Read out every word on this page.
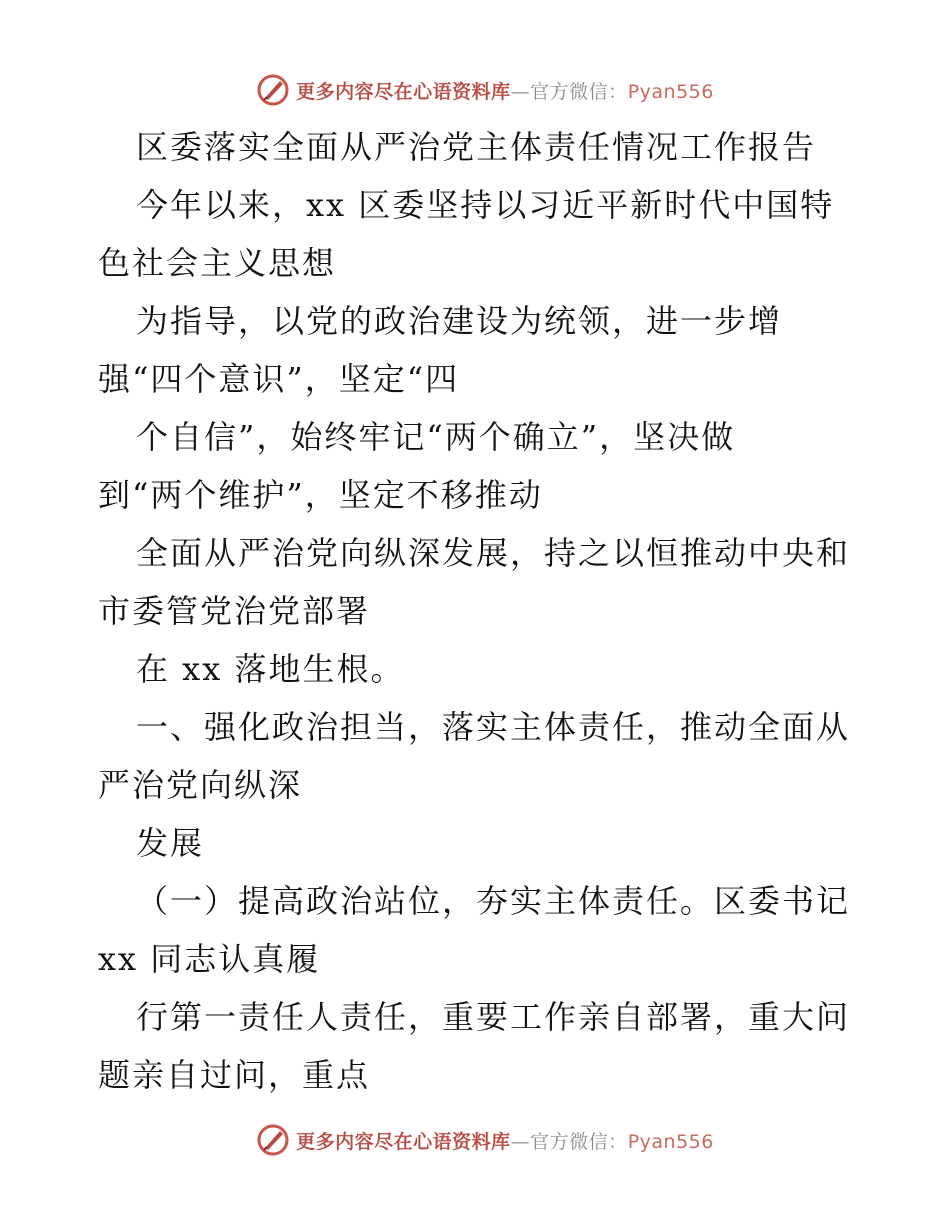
更多内容尽在心语资料库—官方微信：Pyan556
区委落实全面从严治党主体责任情况工作报告
今年以来，xx 区委坚持以习近平新时代中国特
色社会主义思想
为指导，以党的政治建设为统领，进一步增
强“四个意识”，坚定“四
个自信”，始终牢记“两个确立”，坚决做
到“两个维护”，坚定不移推动
全面从严治党向纵深发展，持之以恒推动中央和
市委管党治党部署
在 xx 落地生根。
一、强化政治担当，落实主体责任，推动全面从
严治党向纵深
发展
（一）提高政治站位，夯实主体责任。区委书记
xx 同志认真履
行第一责任人责任，重要工作亲自部署，重大问
题亲自过问，重点
更多内容尽在心语资料库—官方微信：Pyan556
